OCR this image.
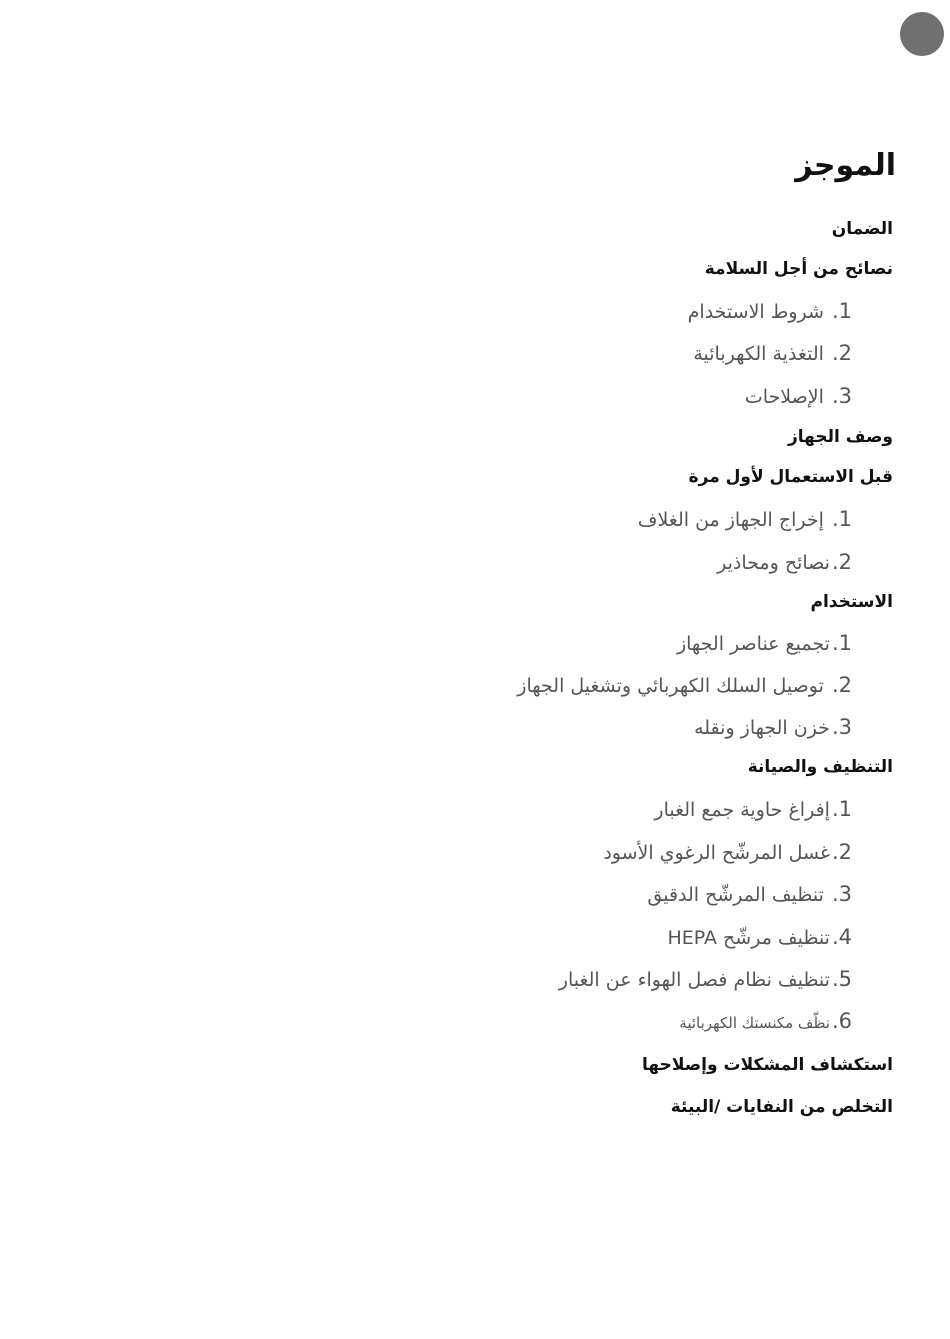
الموجز
الضمان
نصائح من أجل السلامة
1. شروط الاستخدام
2. التغذية الكهربائية
3. الإصلاحات
وصف الجهاز
قبل الاستعمال لأول مرة
1. إخراج الجهاز من الغلاف
2.نصائح ومحاذير
الاستخدام
1.تجميع عناصر الجهاز
2. توصيل السلك الكهربائي وتشغيل الجهاز
3.خزن الجهاز ونقله
التنظيف والصيانة
1.إفراغ حاوية جمع الغبار
2.غسل المرشّح الرغوي الأسود
3. تنظيف المرشّح الدقيق
4.تنظيف مرشّح HEPA
5.تنظيف نظام فصل الهواء عن الغبار
6.نظّف مكنستك الكهربائية
استكشاف المشكلات وإصلاحها
التخلص من النفايات /البيئة
